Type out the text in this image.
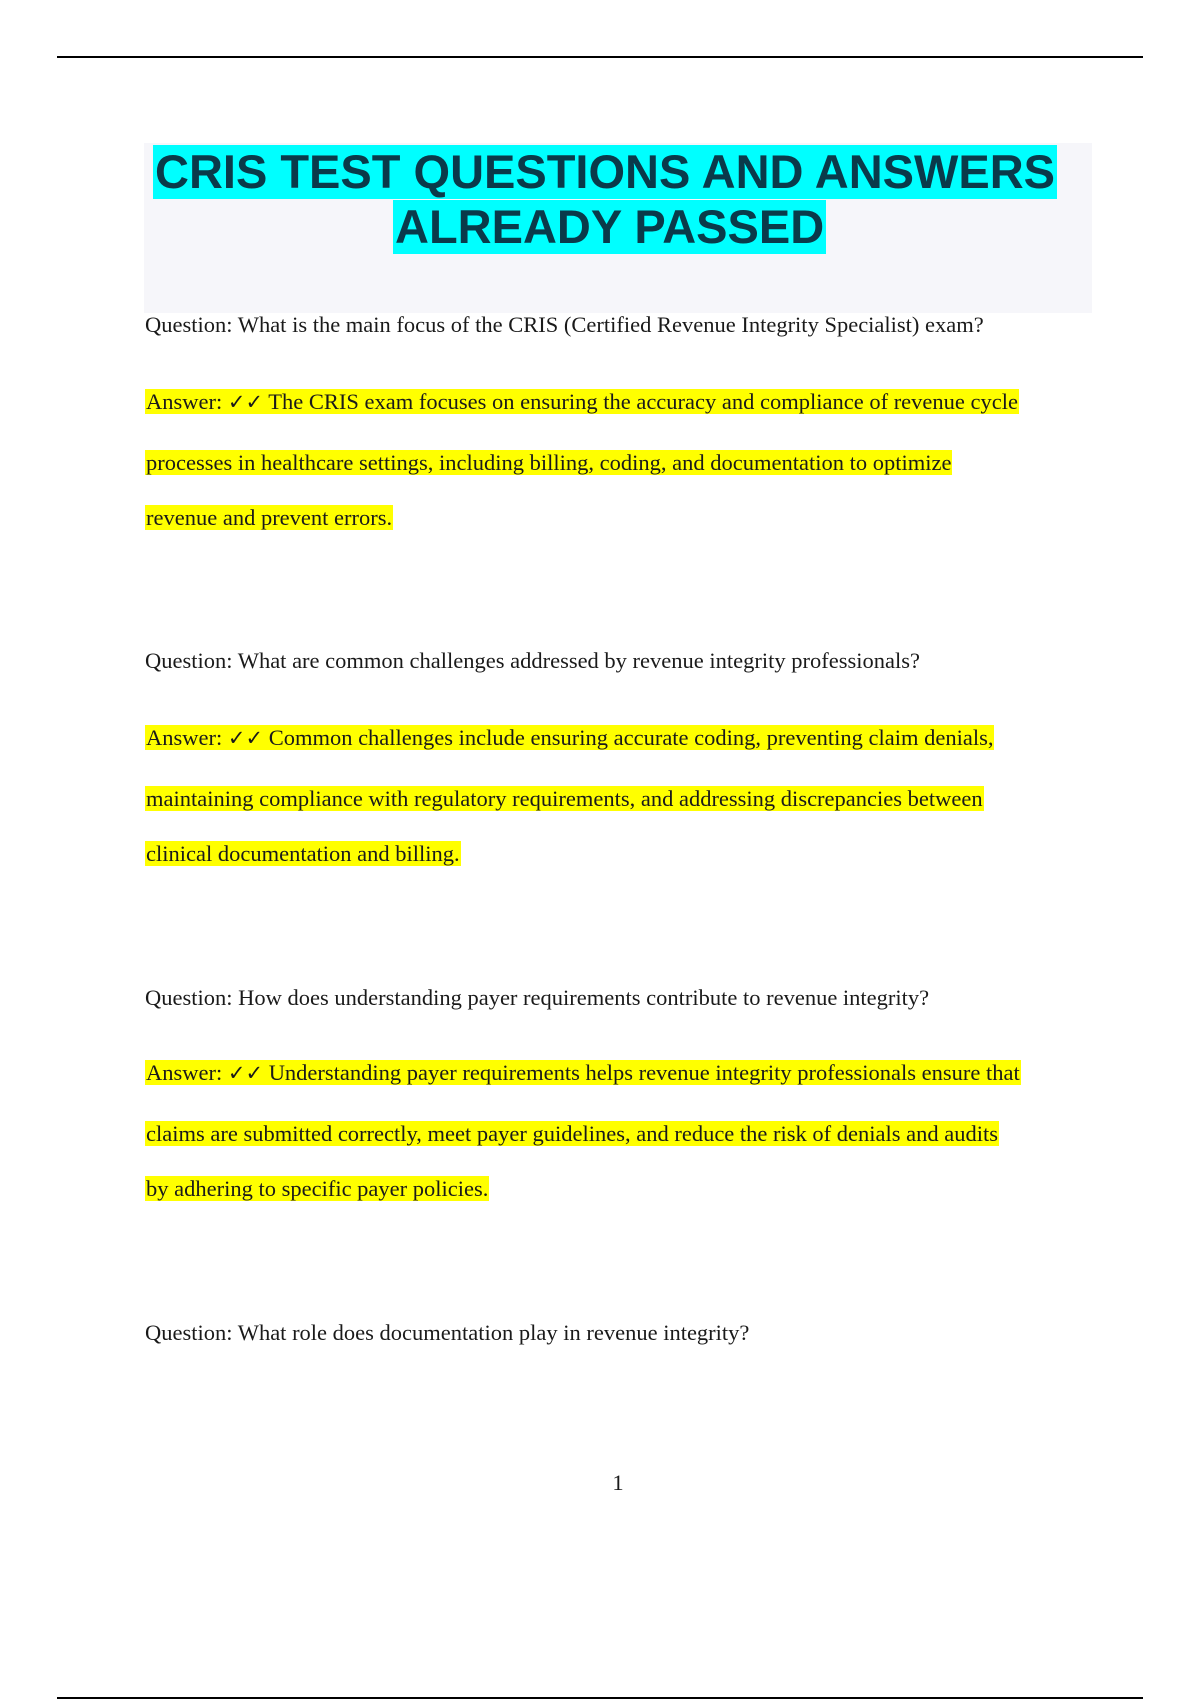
CRIS TEST QUESTIONS AND ANSWERS
ALREADY PASSED
Question: What is the main focus of the CRIS (Certified Revenue Integrity Specialist) exam?
Answer: ✓✓ The CRIS exam focuses on ensuring the accuracy and compliance of revenue cycle
processes in healthcare settings, including billing, coding, and documentation to optimize
revenue and prevent errors.
Question: What are common challenges addressed by revenue integrity professionals?
Answer: ✓✓ Common challenges include ensuring accurate coding, preventing claim denials,
maintaining compliance with regulatory requirements, and addressing discrepancies between
clinical documentation and billing.
Question: How does understanding payer requirements contribute to revenue integrity?
Answer: ✓✓ Understanding payer requirements helps revenue integrity professionals ensure that
claims are submitted correctly, meet payer guidelines, and reduce the risk of denials and audits
by adhering to specific payer policies.
Question: What role does documentation play in revenue integrity?
1
